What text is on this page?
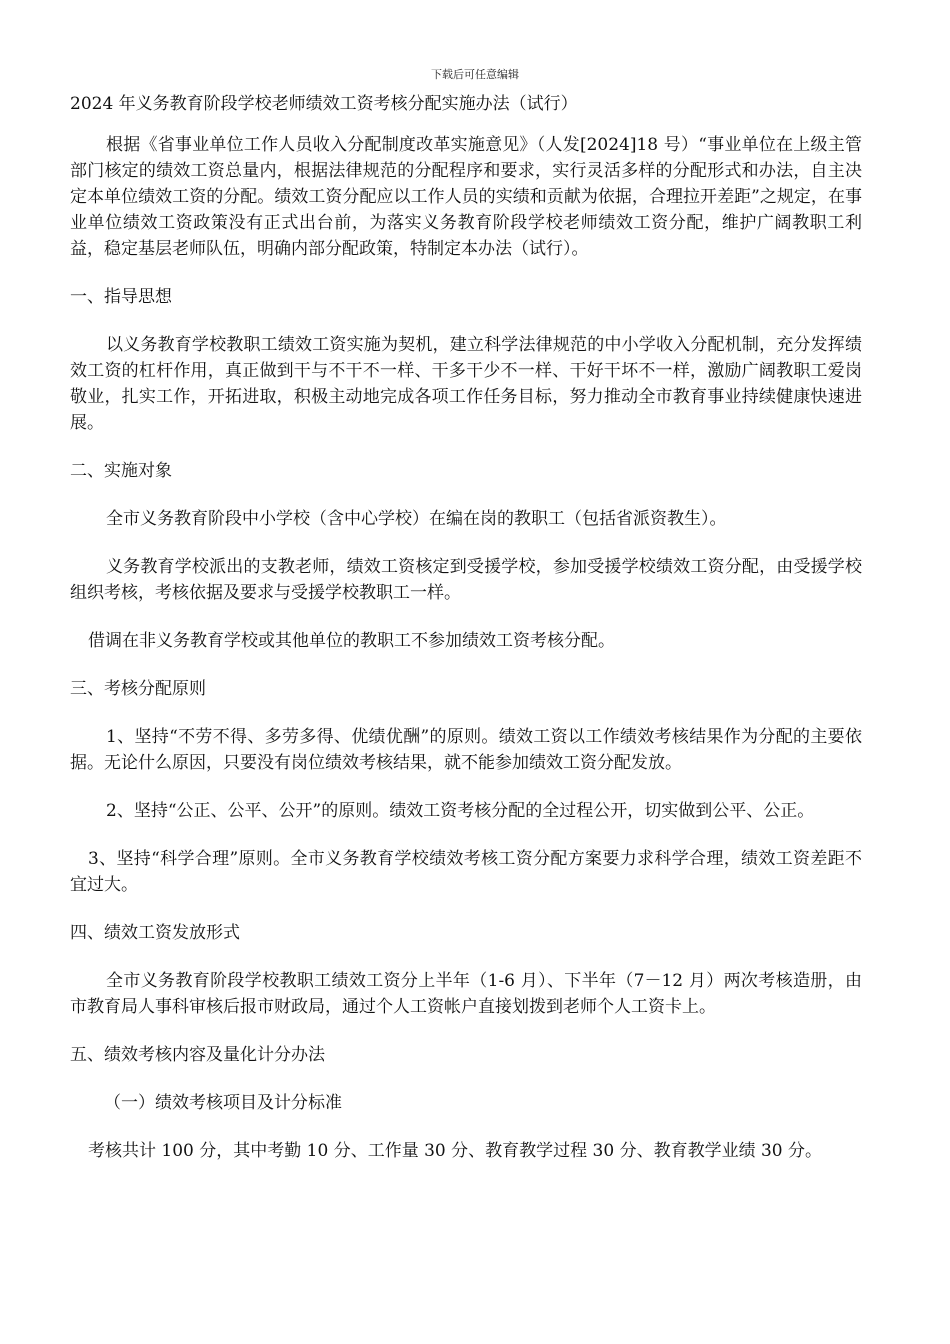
下载后可任意编辑
2024 年义务教育阶段学校老师绩效工资考核分配实施办法（试行）

根据《省事业单位工作人员收入分配制度改革实施意见》（人发[2024]18 号）“事业单位在上级主管部门核定的绩效工资总量内，根据法律规范的分配程序和要求，实行灵活多样的分配形式和办法，自主决定本单位绩效工资的分配。绩效工资分配应以工作人员的实绩和贡献为依据，合理拉开差距”之规定，在事业单位绩效工资政策没有正式出台前，为落实义务教育阶段学校老师绩效工资分配，维护广阔教职工利益，稳定基层老师队伍，明确内部分配政策，特制定本办法（试行）。

一、指导思想

以义务教育学校教职工绩效工资实施为契机，建立科学法律规范的中小学收入分配机制，充分发挥绩效工资的杠杆作用，真正做到干与不干不一样、干多干少不一样、干好干坏不一样，激励广阔教职工爱岗敬业，扎实工作，开拓进取，积极主动地完成各项工作任务目标，努力推动全市教育事业持续健康快速进展。

二、实施对象

全市义务教育阶段中小学校（含中心学校）在编在岗的教职工（包括省派资教生）。

义务教育学校派出的支教老师，绩效工资核定到受援学校，参加受援学校绩效工资分配，由受援学校组织考核，考核依据及要求与受援学校教职工一样。

借调在非义务教育学校或其他单位的教职工不参加绩效工资考核分配。

三、考核分配原则

1、坚持“不劳不得、多劳多得、优绩优酬”的原则。绩效工资以工作绩效考核结果作为分配的主要依据。无论什么原因，只要没有岗位绩效考核结果，就不能参加绩效工资分配发放。

2、坚持“公正、公平、公开”的原则。绩效工资考核分配的全过程公开，切实做到公平、公正。

3、坚持“科学合理”原则。全市义务教育学校绩效考核工资分配方案要力求科学合理，绩效工资差距不宜过大。

四、绩效工资发放形式

全市义务教育阶段学校教职工绩效工资分上半年（1-6 月）、下半年（7－12 月）两次考核造册，由市教育局人事科审核后报市财政局，通过个人工资帐户直接划拨到老师个人工资卡上。

五、绩效考核内容及量化计分办法

（一）绩效考核项目及计分标准

考核共计 100 分，其中考勤 10 分、工作量 30 分、教育教学过程 30 分、教育教学业绩 30 分。
